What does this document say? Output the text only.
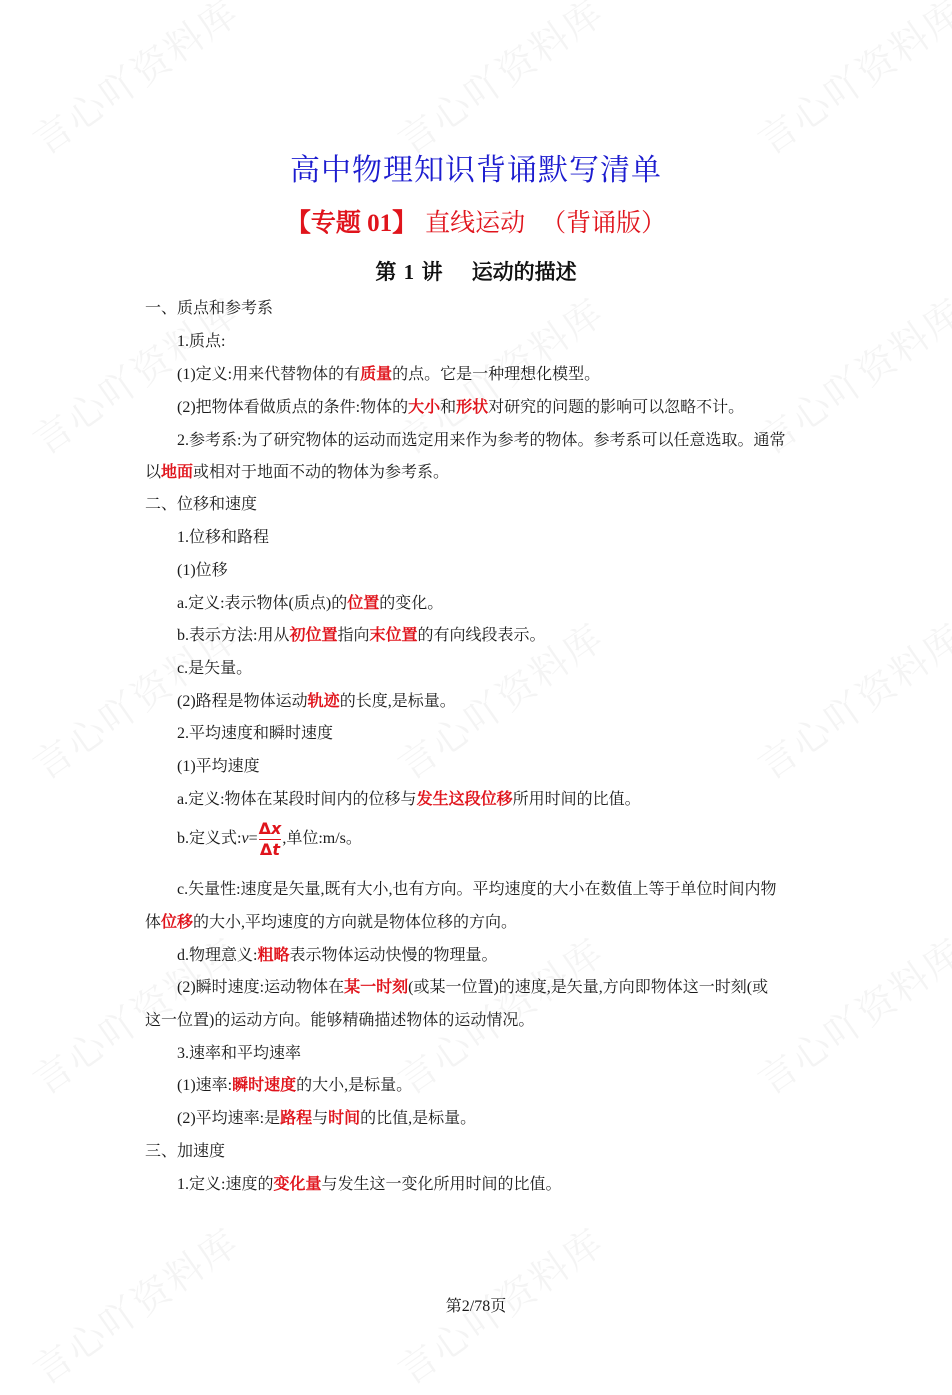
高中物理知识背诵默写清单
【专题 01】 直线运动 （背诵版）
第 1 讲 运动的描述
一、质点和参考系
1.质点:
(1)定义:用来代替物体的有质量的点。它是一种理想化模型。
(2)把物体看做质点的条件:物体的大小和形状对研究的问题的影响可以忽略不计。
2.参考系:为了研究物体的运动而选定用来作为参考的物体。参考系可以任意选取。通常
以地面或相对于地面不动的物体为参考系。
二、位移和速度
1.位移和路程
(1)位移
a.定义:表示物体(质点)的位置的变化。
b.表示方法:用从初位置指向末位置的有向线段表示。
c.是矢量。
(2)路程是物体运动轨迹的长度,是标量。
2.平均速度和瞬时速度
(1)平均速度
a.定义:物体在某段时间内的位移与发生这段位移所用时间的比值。
b.定义式:v= $\frac{\Delta x}{\Delta t}$ ,单位:m/s。
c.矢量性:速度是矢量,既有大小,也有方向。平均速度的大小在数值上等于单位时间内物
体位移的大小,平均速度的方向就是物体位移的方向。
d.物理意义:粗略表示物体运动快慢的物理量。
(2)瞬时速度:运动物体在某一时刻(或某一位置)的速度,是矢量,方向即物体这一时刻(或
这一位置)的运动方向。能够精确描述物体的运动情况。
3.速率和平均速率
(1)速率:瞬时速度的大小,是标量。
(2)平均速率:是路程与时间的比值,是标量。
三、加速度
1.定义:速度的变化量与发生这一变化所用时间的比值。
第2/78页
